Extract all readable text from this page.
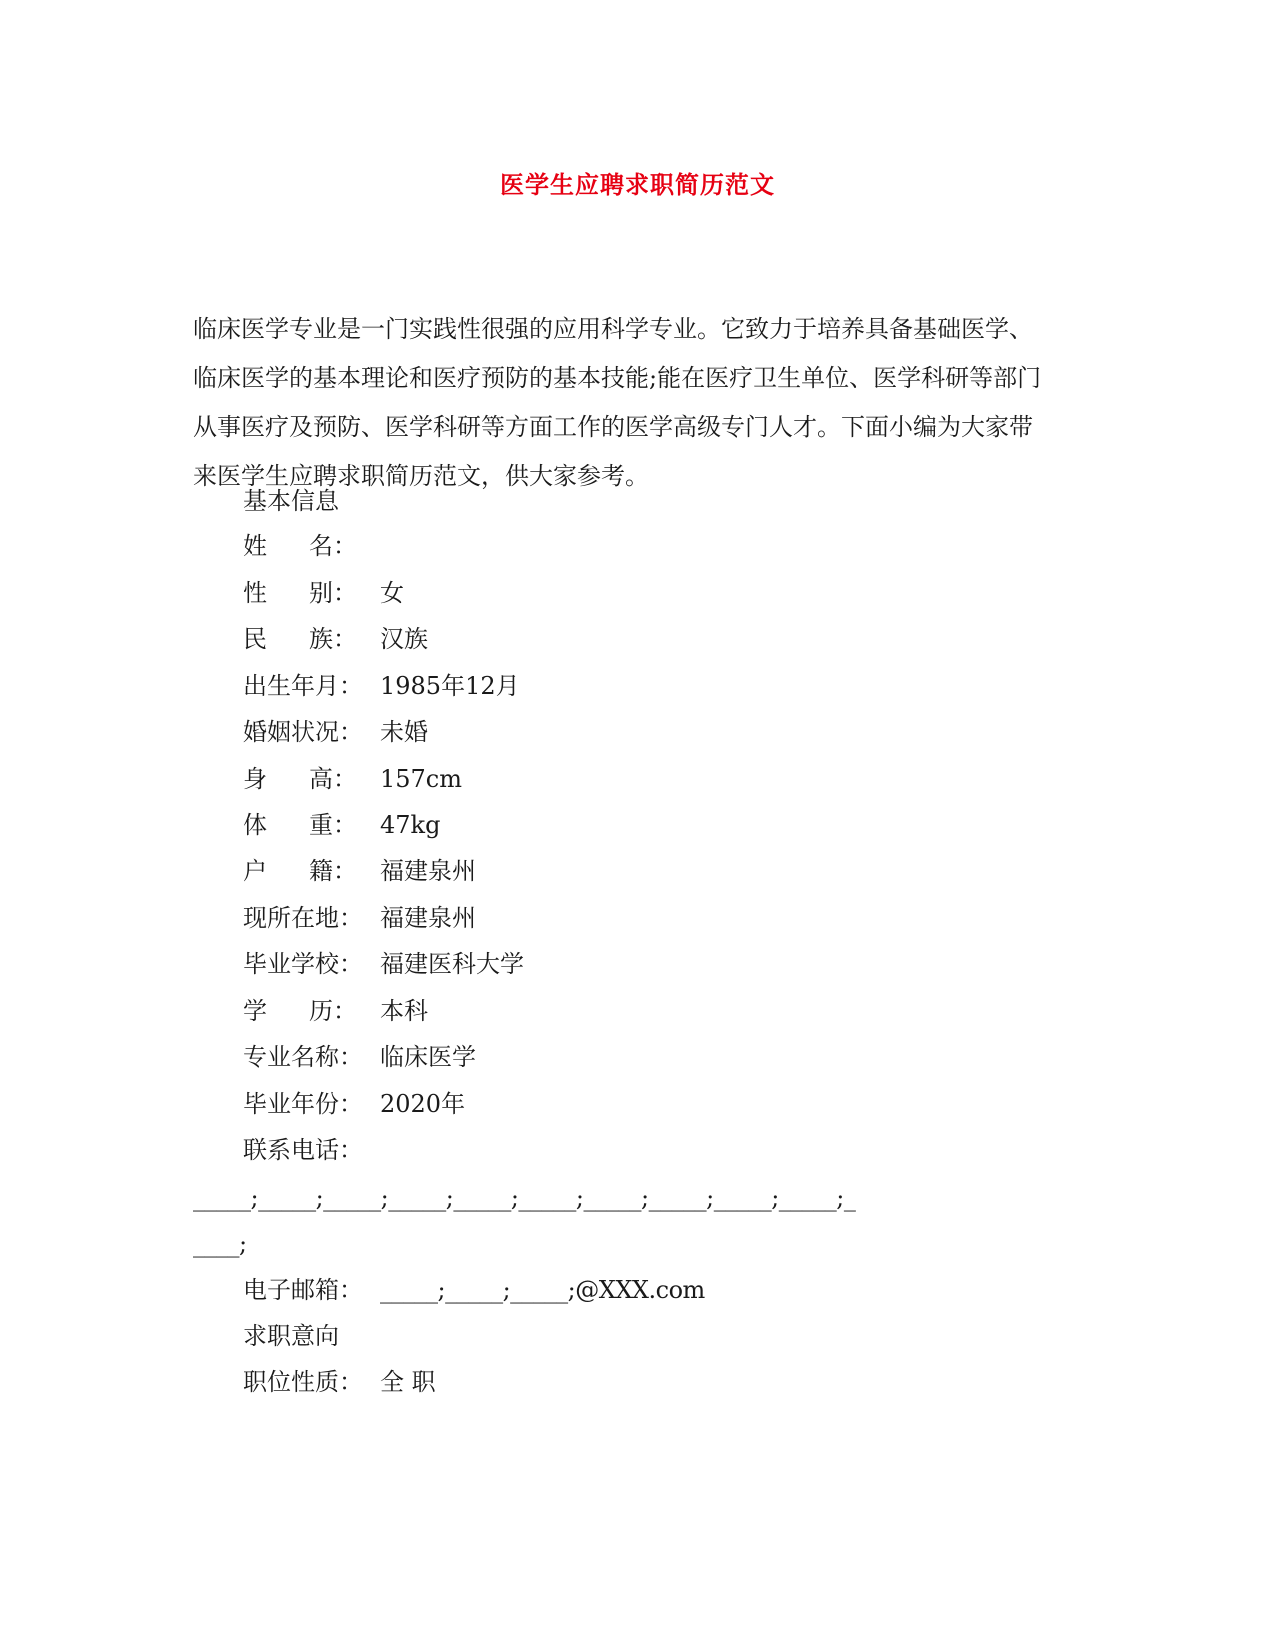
医学生应聘求职简历范文
临床医学专业是一门实践性很强的应用科学专业。它致力于培养具备基础医学、
临床医学的基本理论和医疗预防的基本技能;能在医疗卫生单位、医学科研等部门
从事医疗及预防、医学科研等方面工作的医学高级专门人才。下面小编为大家带
来医学生应聘求职简历范文，供大家参考。
基本信息
姓 名：
性 别： 女
民 族： 汉族
出生年月： 1985年12月
婚姻状况： 未婚
身 高： 157cm
体 重： 47kg
户 籍： 福建泉州
现所在地： 福建泉州
毕业学校： 福建医科大学
学 历： 本科
专业名称： 临床医学
毕业年份： 2020年
联系电话：
_____;_____;_____;_____;_____;_____;_____;_____;_____;_____;_
____;
电子邮箱： _____;_____;_____;@XXX.com
求职意向
职位性质： 全 职
